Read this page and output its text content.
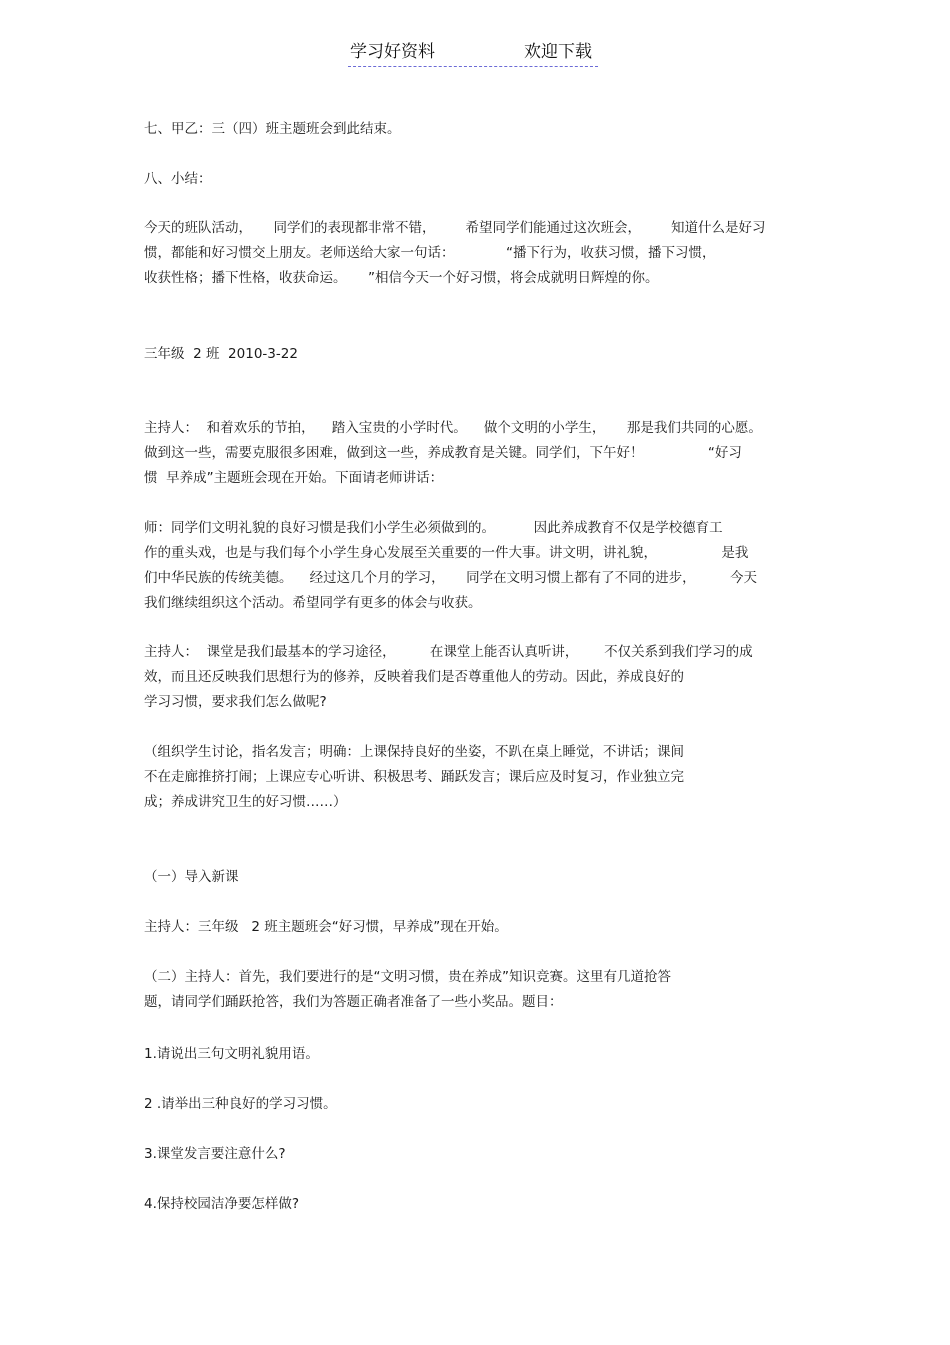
学习好资料	欢迎下载
七、甲乙：三（四）班主题班会到此结束。
八、小结：
今天的班队活动，     同学们的表现都非常不错，       希望同学们能通过这次班会，       知道什么是好习
惯，都能和好习惯交上朋友。老师送给大家一句话：            “播下行为，收获习惯，播下习惯，
收获性格；播下性格，收获命运。     ”相信今天一个好习惯，将会成就明日辉煌的你。
三年级  2 班  2010-3-22
主持人：  和着欢乐的节拍，    踏入宝贵的小学时代。    做个文明的小学生，     那是我们共同的心愿。
做到这一些，需要克服很多困难，做到这一些，养成教育是关键。同学们，下午好！               “好习
惯  早养成”主题班会现在开始。下面请老师讲话：
师：同学们文明礼貌的良好习惯是我们小学生必须做到的。         因此养成教育不仅是学校德育工
作的重头戏，也是与我们每个小学生身心发展至关重要的一件大事。讲文明，讲礼貌，               是我
们中华民族的传统美德。    经过这几个月的学习，     同学在文明习惯上都有了不同的进步，        今天
我们继续组织这个活动。希望同学有更多的体会与收获。
主持人：  课堂是我们最基本的学习途径，        在课堂上能否认真听讲，      不仅关系到我们学习的成
效，而且还反映我们思想行为的修养，反映着我们是否尊重他人的劳动。因此，养成良好的
学习习惯，要求我们怎么做呢?
（组织学生讨论，指名发言；明确：上课保持良好的坐姿，不趴在桌上睡觉，不讲话；课间
不在走廊推挤打闹；上课应专心听讲、积极思考、踊跃发言；课后应及时复习，作业独立完
成；养成讲究卫生的好习惯……）
（一）导入新课
主持人：三年级   2 班主题班会“好习惯，早养成”现在开始。
（二）主持人：首先，我们要进行的是“文明习惯，贵在养成”知识竞赛。这里有几道抢答
题，请同学们踊跃抢答，我们为答题正确者准备了一些小奖品。题目：
1.请说出三句文明礼貌用语。
2 .请举出三种良好的学习习惯。
3.课堂发言要注意什么?
4.保持校园洁净要怎样做?
